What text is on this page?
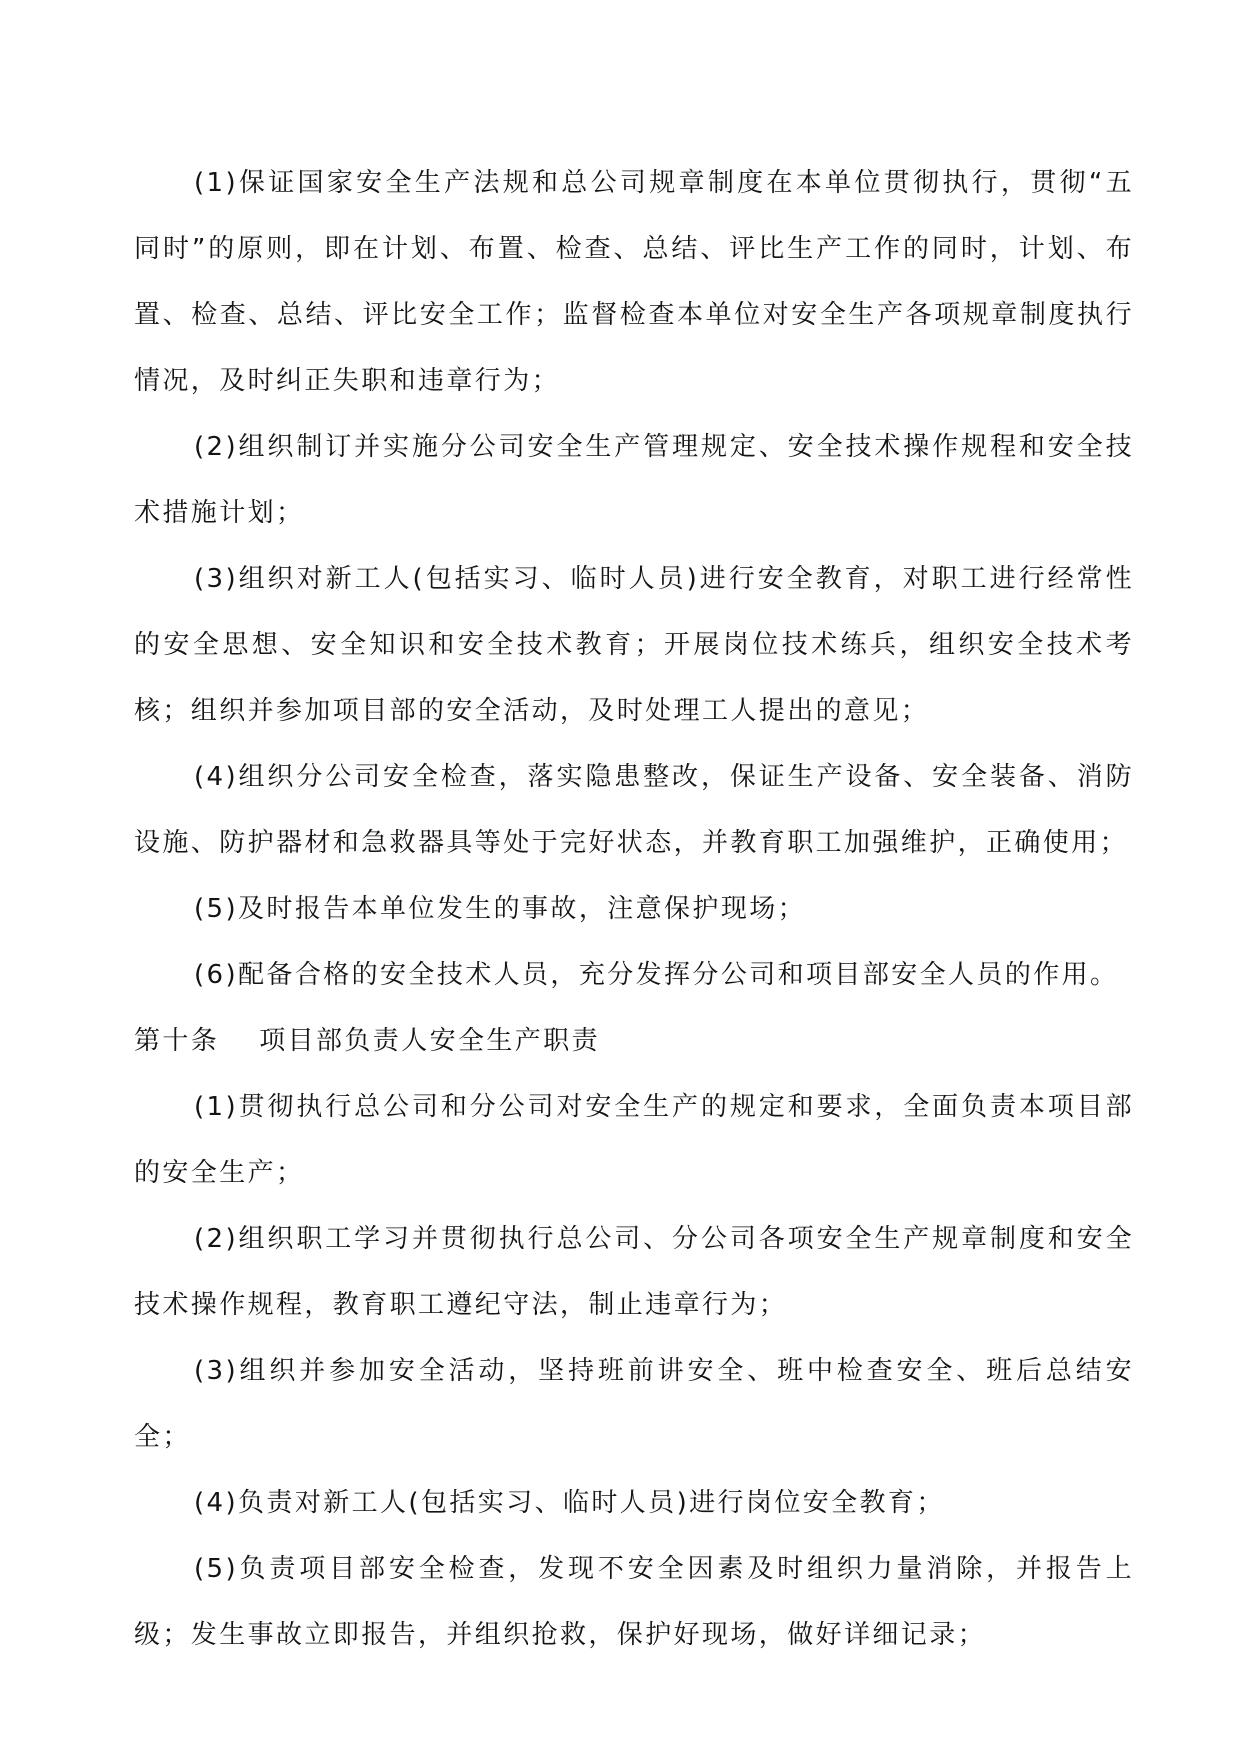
(1)保证国家安全生产法规和总公司规章制度在本单位贯彻执行，贯彻“五同时”的原则，即在计划、布置、检查、总结、评比生产工作的同时，计划、布置、检查、总结、评比安全工作；监督检查本单位对安全生产各项规章制度执行情况，及时纠正失职和违章行为；

(2)组织制订并实施分公司安全生产管理规定、安全技术操作规程和安全技术措施计划；

(3)组织对新工人(包括实习、临时人员)进行安全教育，对职工进行经常性的安全思想、安全知识和安全技术教育；开展岗位技术练兵，组织安全技术考核；组织并参加项目部的安全活动，及时处理工人提出的意见；

(4)组织分公司安全检查，落实隐患整改，保证生产设备、安全装备、消防设施、防护器材和急救器具等处于完好状态，并教育职工加强维护，正确使用；

(5)及时报告本单位发生的事故，注意保护现场；

(6)配备合格的安全技术人员，充分发挥分公司和项目部安全人员的作用。

第十条 项目部负责人安全生产职责

(1)贯彻执行总公司和分公司对安全生产的规定和要求，全面负责本项目部的安全生产；

(2)组织职工学习并贯彻执行总公司、分公司各项安全生产规章制度和安全技术操作规程，教育职工遵纪守法，制止违章行为；

(3)组织并参加安全活动，坚持班前讲安全、班中检查安全、班后总结安全；

(4)负责对新工人(包括实习、临时人员)进行岗位安全教育；

(5)负责项目部安全检查，发现不安全因素及时组织力量消除，并报告上级；发生事故立即报告，并组织抢救，保护好现场，做好详细记录；
